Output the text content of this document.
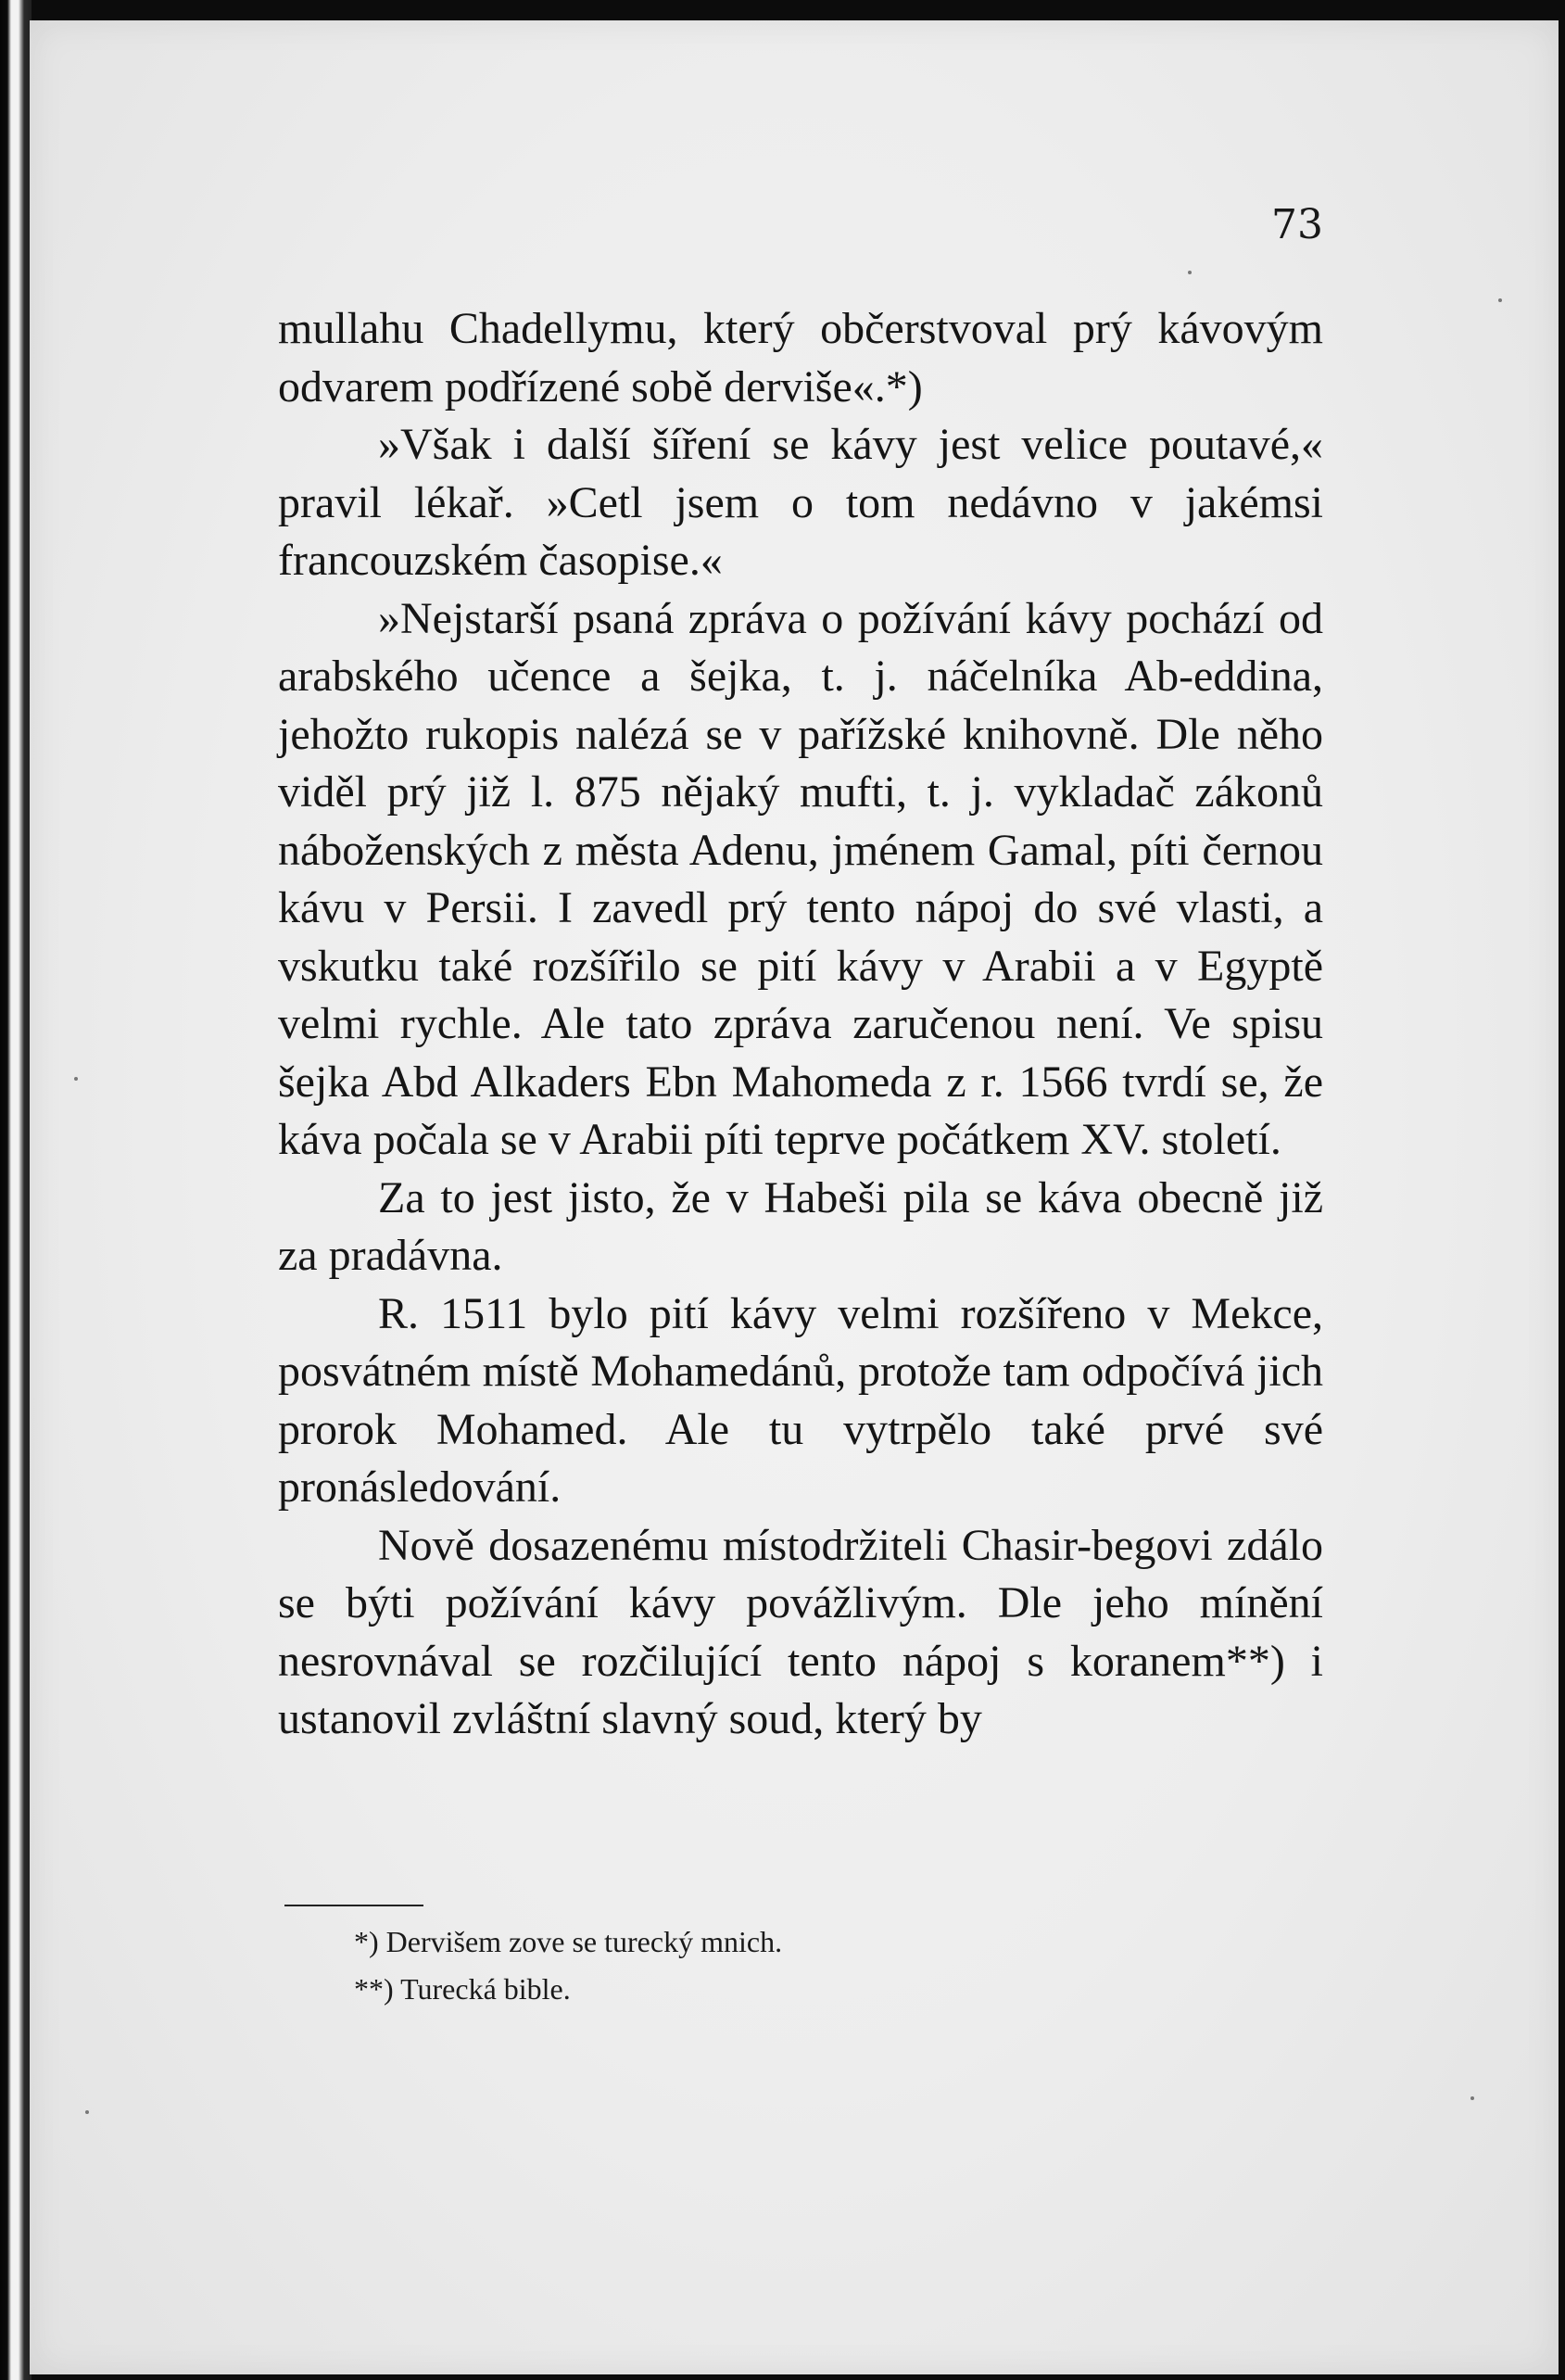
73

mullahu Chadellymu, který občerstvoval prý kávovým odvarem podřízené sobě derviše«.*)

»Však i další šíření se kávy jest velice poutavé,« pravil lékař. »Cetl jsem o tom nedávno v jakémsi francouzském časopise.«

»Nejstarší psaná zpráva o požívání kávy pochází od arabského učence a šejka, t. j. náčelníka Ab-eddina, jehožto rukopis nalézá se v pařížské knihovně. Dle něho viděl prý již l. 875 nějaký mufti, t. j. vykladač zákonů náboženských z města Adenu, jménem Gamal, píti černou kávu v Persii. I zavedl prý tento nápoj do své vlasti, a vskutku také rozšířilo se pití kávy v Arabii a v Egyptě velmi rychle. Ale tato zpráva zaručenou není. Ve spisu šejka Abd Alkaders Ebn Mahomeda z r. 1566 tvrdí se, že káva počala se v Arabii píti teprve počátkem XV. století.

Za to jest jisto, že v Habeši pila se káva obecně již za pradávna.

R. 1511 bylo pití kávy velmi rozšířeno v Mekce, posvátném místě Mohamedánů, protože tam odpočívá jich prorok Mohamed. Ale tu vytrpělo také prvé své pronásledování.

Nově dosazenému místodržiteli Chasir-begovi zdálo se býti požívání kávy povážlivým. Dle jeho mínění nesrovnával se rozčilující tento nápoj s koranem**) i ustanovil zvláštní slavný soud, který by

*) Dervišem zove se turecký mnich.

**) Turecká bible.
